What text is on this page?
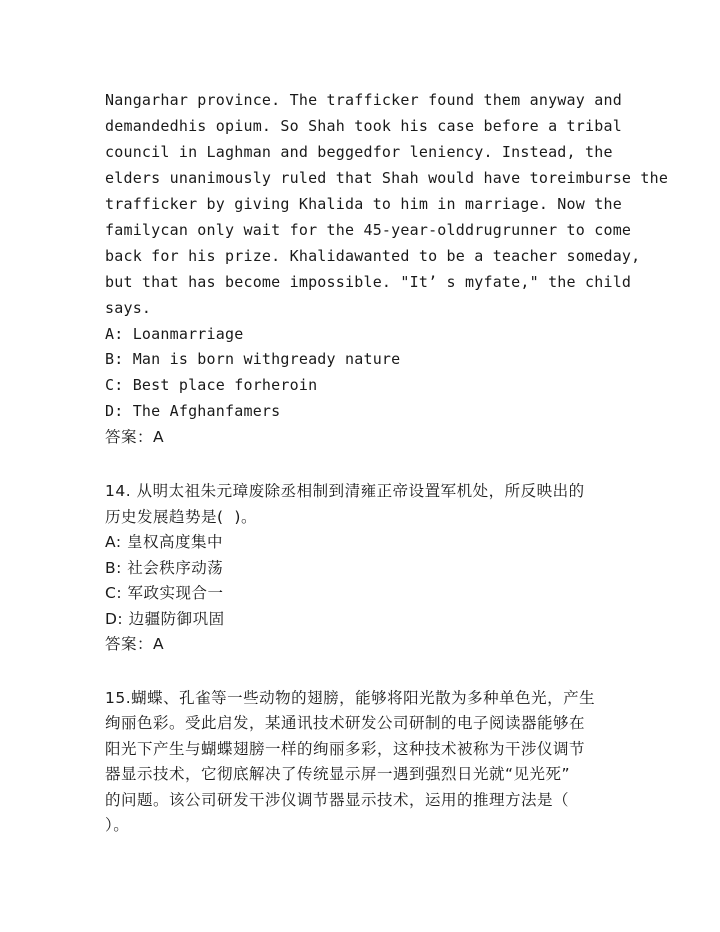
Nangarhar province. The trafficker found them anyway and
demandedhis opium. So Shah took his case before a tribal
council in Laghman and beggedfor leniency. Instead, the
elders unanimously ruled that Shah would have toreimburse the
trafficker by giving Khalida to him in marriage. Now the
familycan only wait for the 45-year-olddrugrunner to come
back for his prize. Khalidawanted to be a teacher someday,
but that has become impossible. "It’ s myfate," the child
says.
A: Loanmarriage
B: Man is born withgready nature
C: Best place forheroin
D: The Afghanfamers
答案：A
14. 从明太祖朱元璋废除丞相制到清雍正帝设置军机处，所反映出的
历史发展趋势是(  )。
A: 皇权高度集中
B: 社会秩序动荡
C: 军政实现合一
D: 边疆防御巩固
答案：A
15.蝴蝶、孔雀等一些动物的翅膀，能够将阳光散为多种单色光，产生
绚丽色彩。受此启发，某通讯技术研发公司研制的电子阅读器能够在
阳光下产生与蝴蝶翅膀一样的绚丽多彩，这种技术被称为干涉仪调节
器显示技术，它彻底解决了传统显示屏一遇到强烈日光就“见光死”
的问题。该公司研发干涉仪调节器显示技术，运用的推理方法是（
）。
